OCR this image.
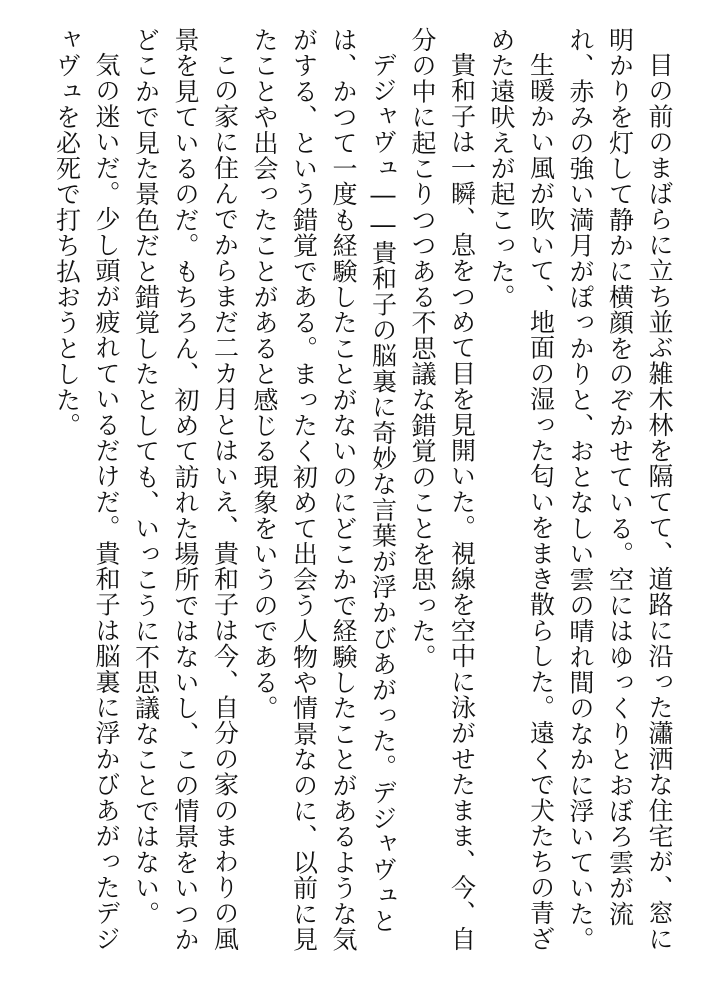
目の前のまばらに立ち並ぶ雑木林を隔てて、道路に沿った瀟洒な住宅が、窓に明かりを灯して静かに横顔をのぞかせている。空にはゆっくりとおぼろ雲が流れ、赤みの強い満月がぽっかりと、おとなしい雲の晴れ間のなかに浮いていた。

生暖かい風が吹いて、地面の湿った匂いをまき散らした。遠くで犬たちの青ざめた遠吠えが起こった。

貴和子は一瞬、息をつめて目を見開いた。視線を空中に泳がせたまま、今、自分の中に起こりつつある不思議な錯覚のことを思った。

デジャヴュ――貴和子の脳裏に奇妙な言葉が浮かびあがった。デジャヴュとは、かつて一度も経験したことがないのにどこかで経験したことがあるような気がする、という錯覚である。まったく初めて出会う人物や情景なのに、以前に見たことや出会ったことがあると感じる現象をいうのである。

この家に住んでからまだ二カ月とはいえ、貴和子は今、自分の家のまわりの風景を見ているのだ。もちろん、初めて訪れた場所ではないし、この情景をいつかどこかで見た景色だと錯覚したとしても、いっこうに不思議なことではない。

気の迷いだ。少し頭が疲れているだけだ。貴和子は脳裏に浮かびあがったデジャヴュを必死で打ち払おうとした。
